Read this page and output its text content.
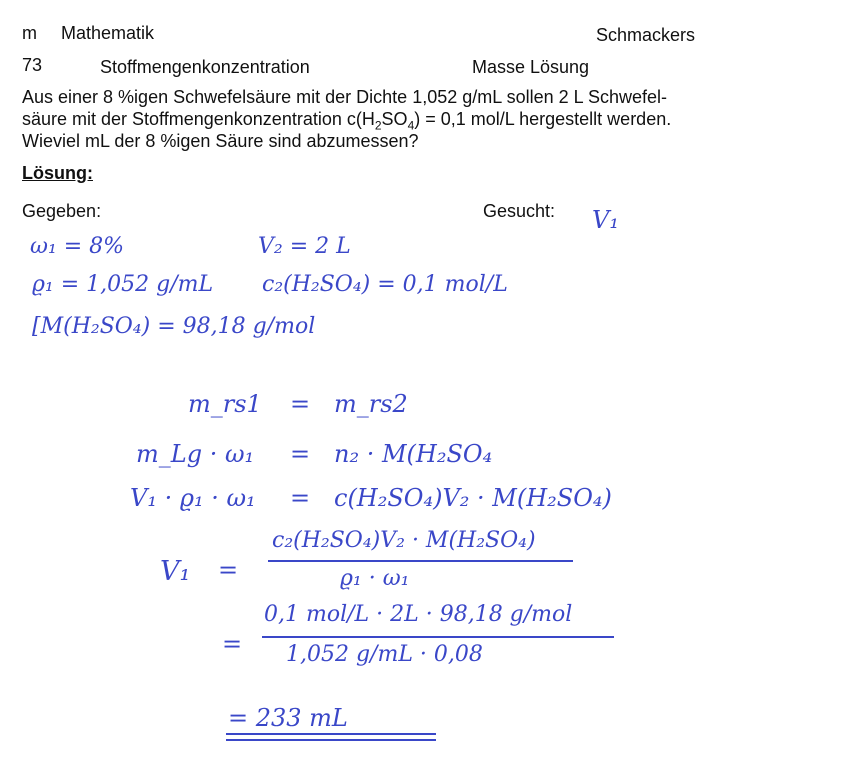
m Mathematik	Schmackers
73	Stoffmengenkonzentration	Masse Lösung
Aus einer 8 %igen Schwefelsäure mit der Dichte 1,052 g/mL sollen 2 L Schwefel-
säure mit der Stoffmengenkonzentration $c(H_2SO_4) = 0,1$ mol/L hergestellt werden.
Wieviel mL der 8 %igen Säure sind abzumessen?
Lösung:
Gegeben:	Gesucht: V₁
ω₁ = 8%	V₂ = 2 L
ϱ₁ = 1,052 g/mL c₂(H₂SO₄) = 0,1 mol/L
[M(H₂SO₄) = 98,18 g/mol
m_rs1 = m_rs2
m_Lg · ω₁ = n₂ · M(H₂SO₄
V₁ · ϱ₁ · ω₁ = c(H₂SO₄)V₂ · M(H₂SO₄)
V₁ =
c₂(H₂SO₄)V₂ · M(H₂SO₄)
ϱ₁ · ω₁
=
0,1 mol/L · 2L · 98,18 g/mol
1,052 g/mL · 0,08
= 233 mL
